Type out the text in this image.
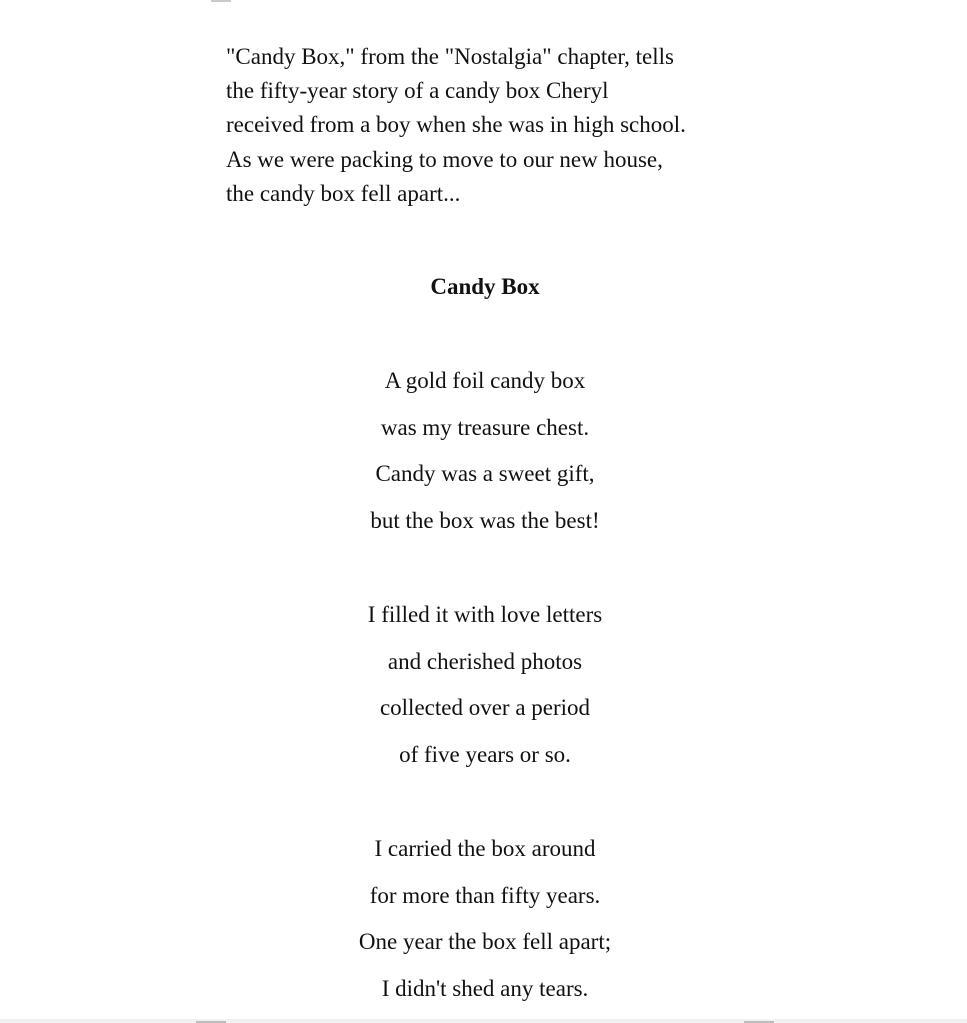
"Candy Box," from the "Nostalgia" chapter, tells
the fifty-year story of a candy box Cheryl
received from a boy when she was in high school.
As we were packing to move to our new house,
the candy box fell apart...
Candy Box
A gold foil candy box
was my treasure chest.
Candy was a sweet gift,
but the box was the best!
I filled it with love letters
and cherished photos
collected over a period
of five years or so.
I carried the box around
for more than fifty years.
One year the box fell apart;
I didn't shed any tears.
